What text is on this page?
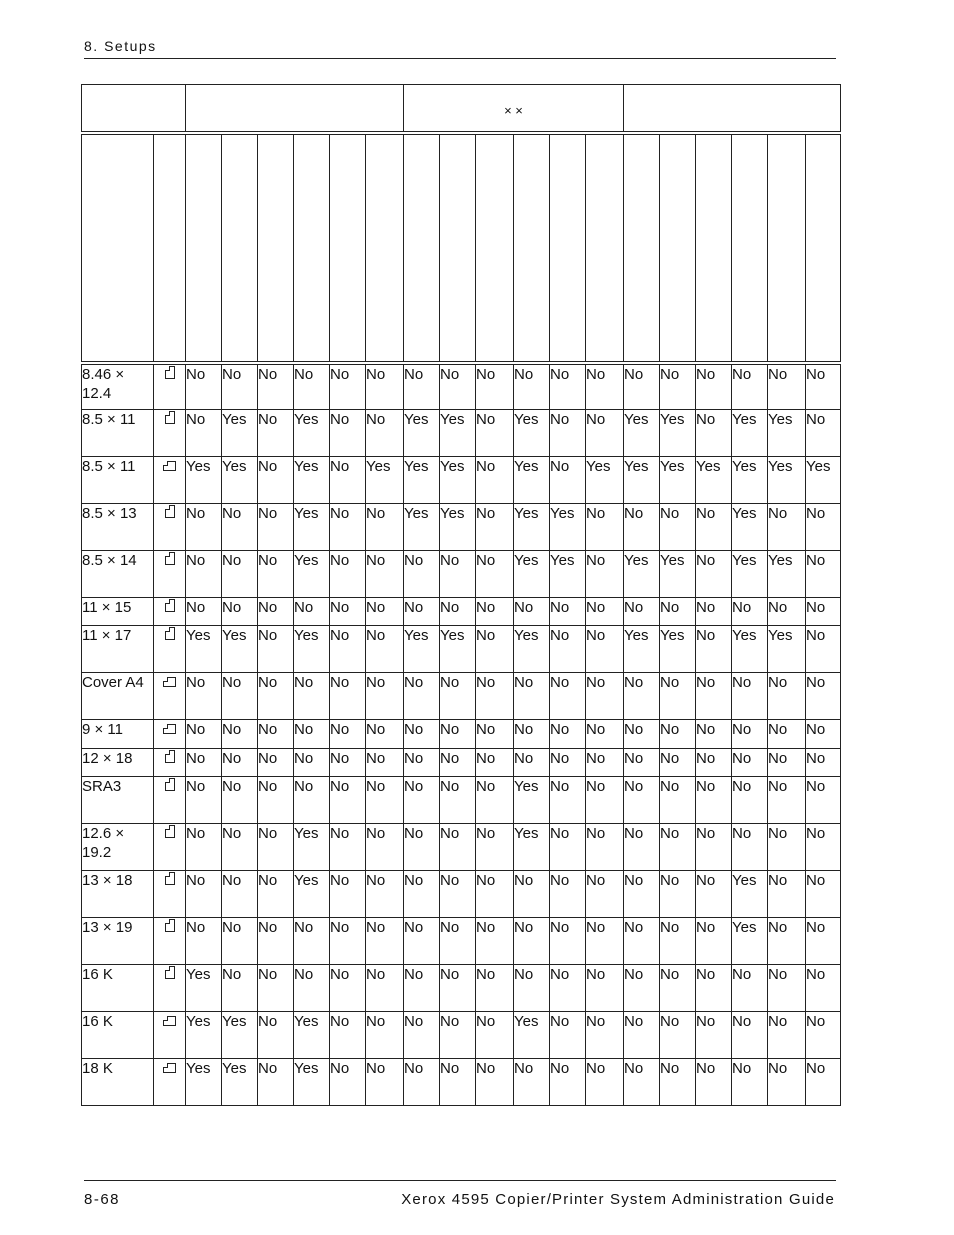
8. Setups

								× ×											

8.46 × 12.4		No	No	No	No	No	No	No	No	No	No	No	No	No	No	No	No	No	No
8.5 × 11		No	Yes	No	Yes	No	No	Yes	Yes	No	Yes	No	No	Yes	Yes	No	Yes	Yes	No
8.5 × 11		Yes	Yes	No	Yes	No	Yes	Yes	Yes	No	Yes	No	Yes	Yes	Yes	Yes	Yes	Yes	Yes
8.5 × 13		No	No	No	Yes	No	No	Yes	Yes	No	Yes	Yes	No	No	No	No	Yes	No	No
8.5 × 14		No	No	No	Yes	No	No	No	No	No	Yes	Yes	No	Yes	Yes	No	Yes	Yes	No
11 × 15		No	No	No	No	No	No	No	No	No	No	No	No	No	No	No	No	No	No
11 × 17		Yes	Yes	No	Yes	No	No	Yes	Yes	No	Yes	No	No	Yes	Yes	No	Yes	Yes	No
Cover A4		No	No	No	No	No	No	No	No	No	No	No	No	No	No	No	No	No	No
9 × 11		No	No	No	No	No	No	No	No	No	No	No	No	No	No	No	No	No	No
12 × 18		No	No	No	No	No	No	No	No	No	No	No	No	No	No	No	No	No	No
SRA3		No	No	No	No	No	No	No	No	No	Yes	No	No	No	No	No	No	No	No
12.6 × 19.2		No	No	No	Yes	No	No	No	No	No	Yes	No	No	No	No	No	No	No	No
13 × 18		No	No	No	Yes	No	No	No	No	No	No	No	No	No	No	No	Yes	No	No
13 × 19		No	No	No	No	No	No	No	No	No	No	No	No	No	No	No	Yes	No	No
16 K		Yes	No	No	No	No	No	No	No	No	No	No	No	No	No	No	No	No	No
16 K		Yes	Yes	No	Yes	No	No	No	No	No	Yes	No	No	No	No	No	No	No	No
18 K		Yes	Yes	No	Yes	No	No	No	No	No	No	No	No	No	No	No	No	No	No
8-68	Xerox 4595 Copier/Printer System Administration Guide
